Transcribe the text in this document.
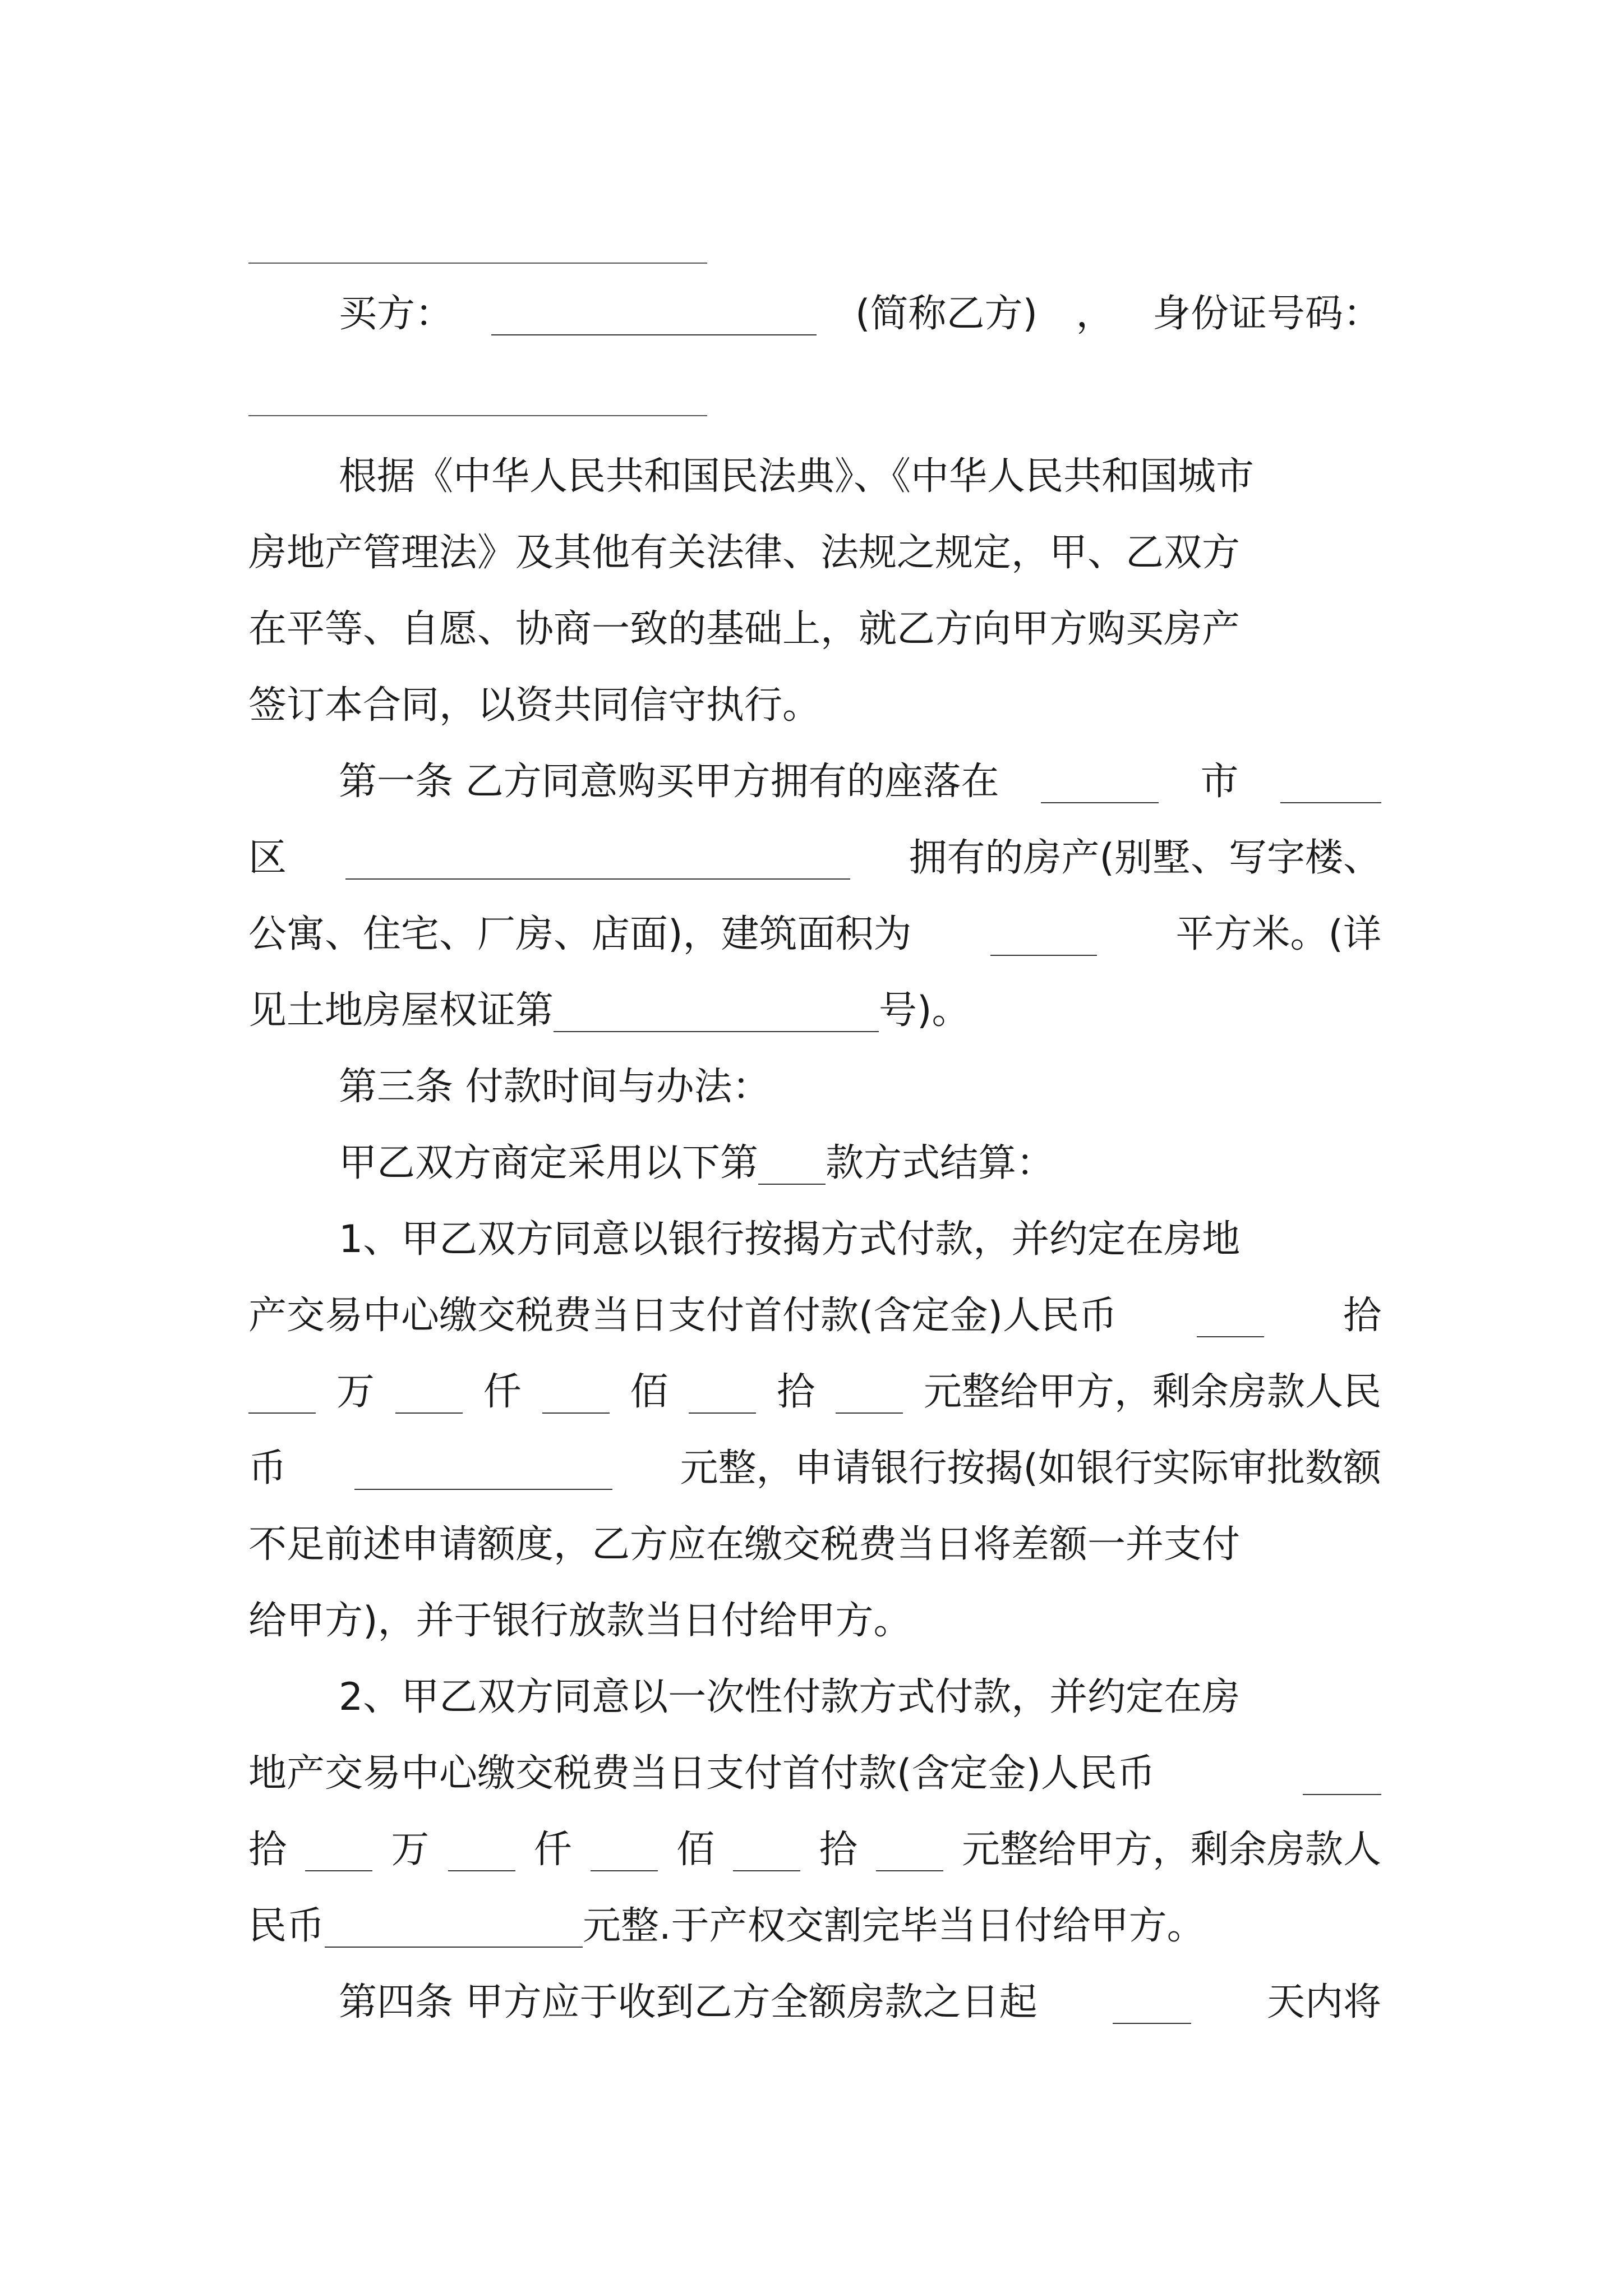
买方：	(简称乙方) ， 身份证号码：
根据《中华人民共和国民法典》、《中华人民共和国城市
房地产管理法》及其他有关法律、法规之规定，甲、乙双方
在平等、自愿、协商一致的基础上，就乙方向甲方购买房产
签订本合同，以资共同信守执行。
第一条 乙方同意购买甲方拥有的座落在	市
区	拥有的房产(别墅、写字楼、
公寓、住宅、厂房、店面)，建筑面积为	平方米。(详
见土地房屋权证第	号)。
第三条 付款时间与办法：
甲乙双方商定采用以下第 款方式结算：
1、甲乙双方同意以银行按揭方式付款，并约定在房地
产交易中心缴交税费当日支付首付款(含定金)人民币	拾
万	仟	佰	拾	元整给甲方，剩余房款人民
币	元整，申请银行按揭(如银行实际审批数额
不足前述申请额度，乙方应在缴交税费当日将差额一并支付
给甲方)，并于银行放款当日付给甲方。
2、甲乙双方同意以一次性付款方式付款，并约定在房
地产交易中心缴交税费当日支付首付款(含定金)人民币
拾	万	仟	佰	拾	元整给甲方，剩余房款人
民币	元整.于产权交割完毕当日付给甲方。
第四条 甲方应于收到乙方全额房款之日起	天内将
